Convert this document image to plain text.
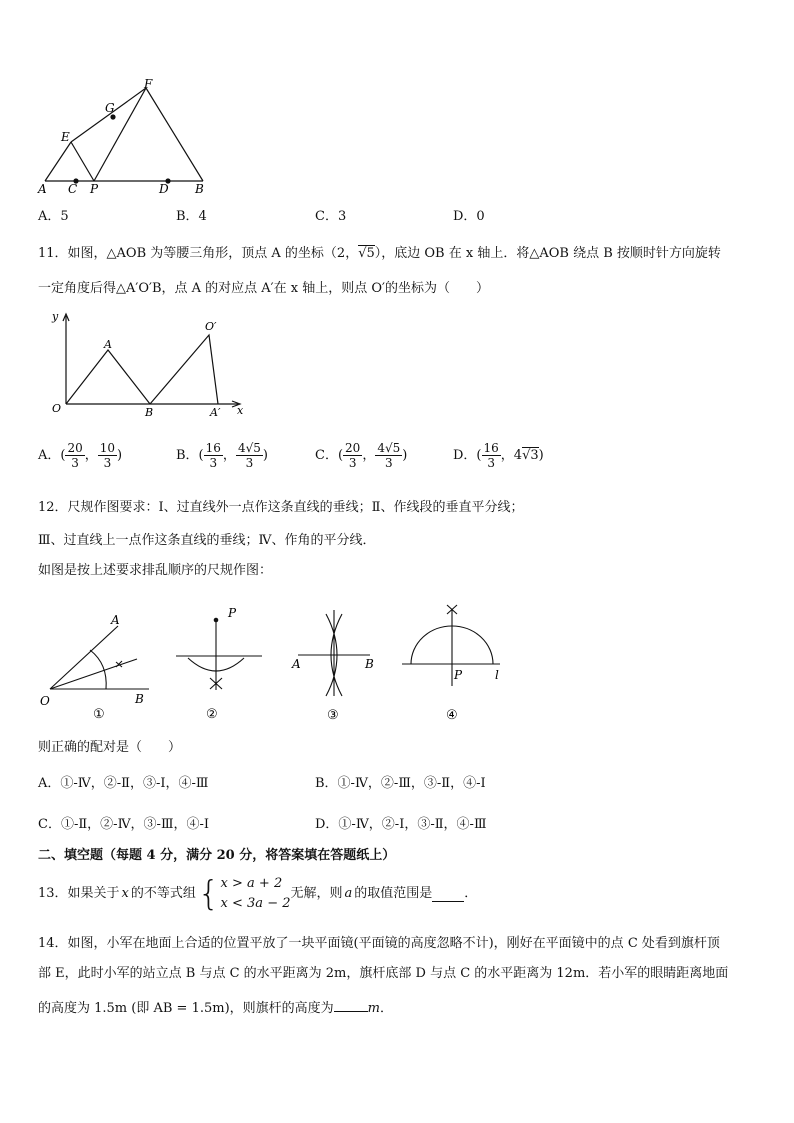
F
G
E
A C P	D B
A．5	B．4	C．3	D．0
11．如图，△AOB 为等腰三角形，顶点 A 的坐标（2，√5），底边 OB 在 x 轴上．将△AOB 绕点 B 按顺时针方向旋转
一定角度后得△A′O′B，点 A 的对应点 A′在 x 轴上，则点 O′的坐标为（　　）
y
O′
A
O	B	A′ x
A．( $\frac{20}{3}$ ， $\frac{10}{3}$ )	B．( $\frac{16}{3}$ ， $\frac{4√5}{3}$ )	C．( $\frac{20}{3}$ ， $\frac{4√5}{3}$ )	D．( $\frac{16}{3}$ ，4√3)
12．尺规作图要求：Ⅰ、过直线外一点作这条直线的垂线；Ⅱ、作线段的垂直平分线；
Ⅲ、过直线上一点作这条直线的垂线；Ⅳ、作角的平分线．
如图是按上述要求排乱顺序的尺规作图：
A
O	B
P
A	B
P	l
①	②	③	④
则正确的配对是（　　）
A．①-Ⅳ，②-Ⅱ，③-Ⅰ，④-Ⅲ	B．①-Ⅳ，②-Ⅲ，③-Ⅱ，④-Ⅰ
C．①-Ⅱ，②-Ⅳ，③-Ⅲ，④-Ⅰ	D．①-Ⅳ，②-Ⅰ，③-Ⅱ，④-Ⅲ
二、填空题（每题 4 分，满分 20 分，将答案填在答题纸上）
13．如果关于 x 的不等式组 { x > a + 2
x < 3a − 2
无解，则 a 的取值范围是 ．
14．如图，小军在地面上合适的位置平放了一块平面镜(平面镜的高度忽略不计)，刚好在平面镜中的点 C 处看到旗杆顶
部 E，此时小军的站立点 B 与点 C 的水平距离为 2m，旗杆底部 D 与点 C 的水平距离为 12m．若小军的眼睛距离地面
的高度为 1.5m (即 AB = 1.5m)，则旗杆的高度为	m．
